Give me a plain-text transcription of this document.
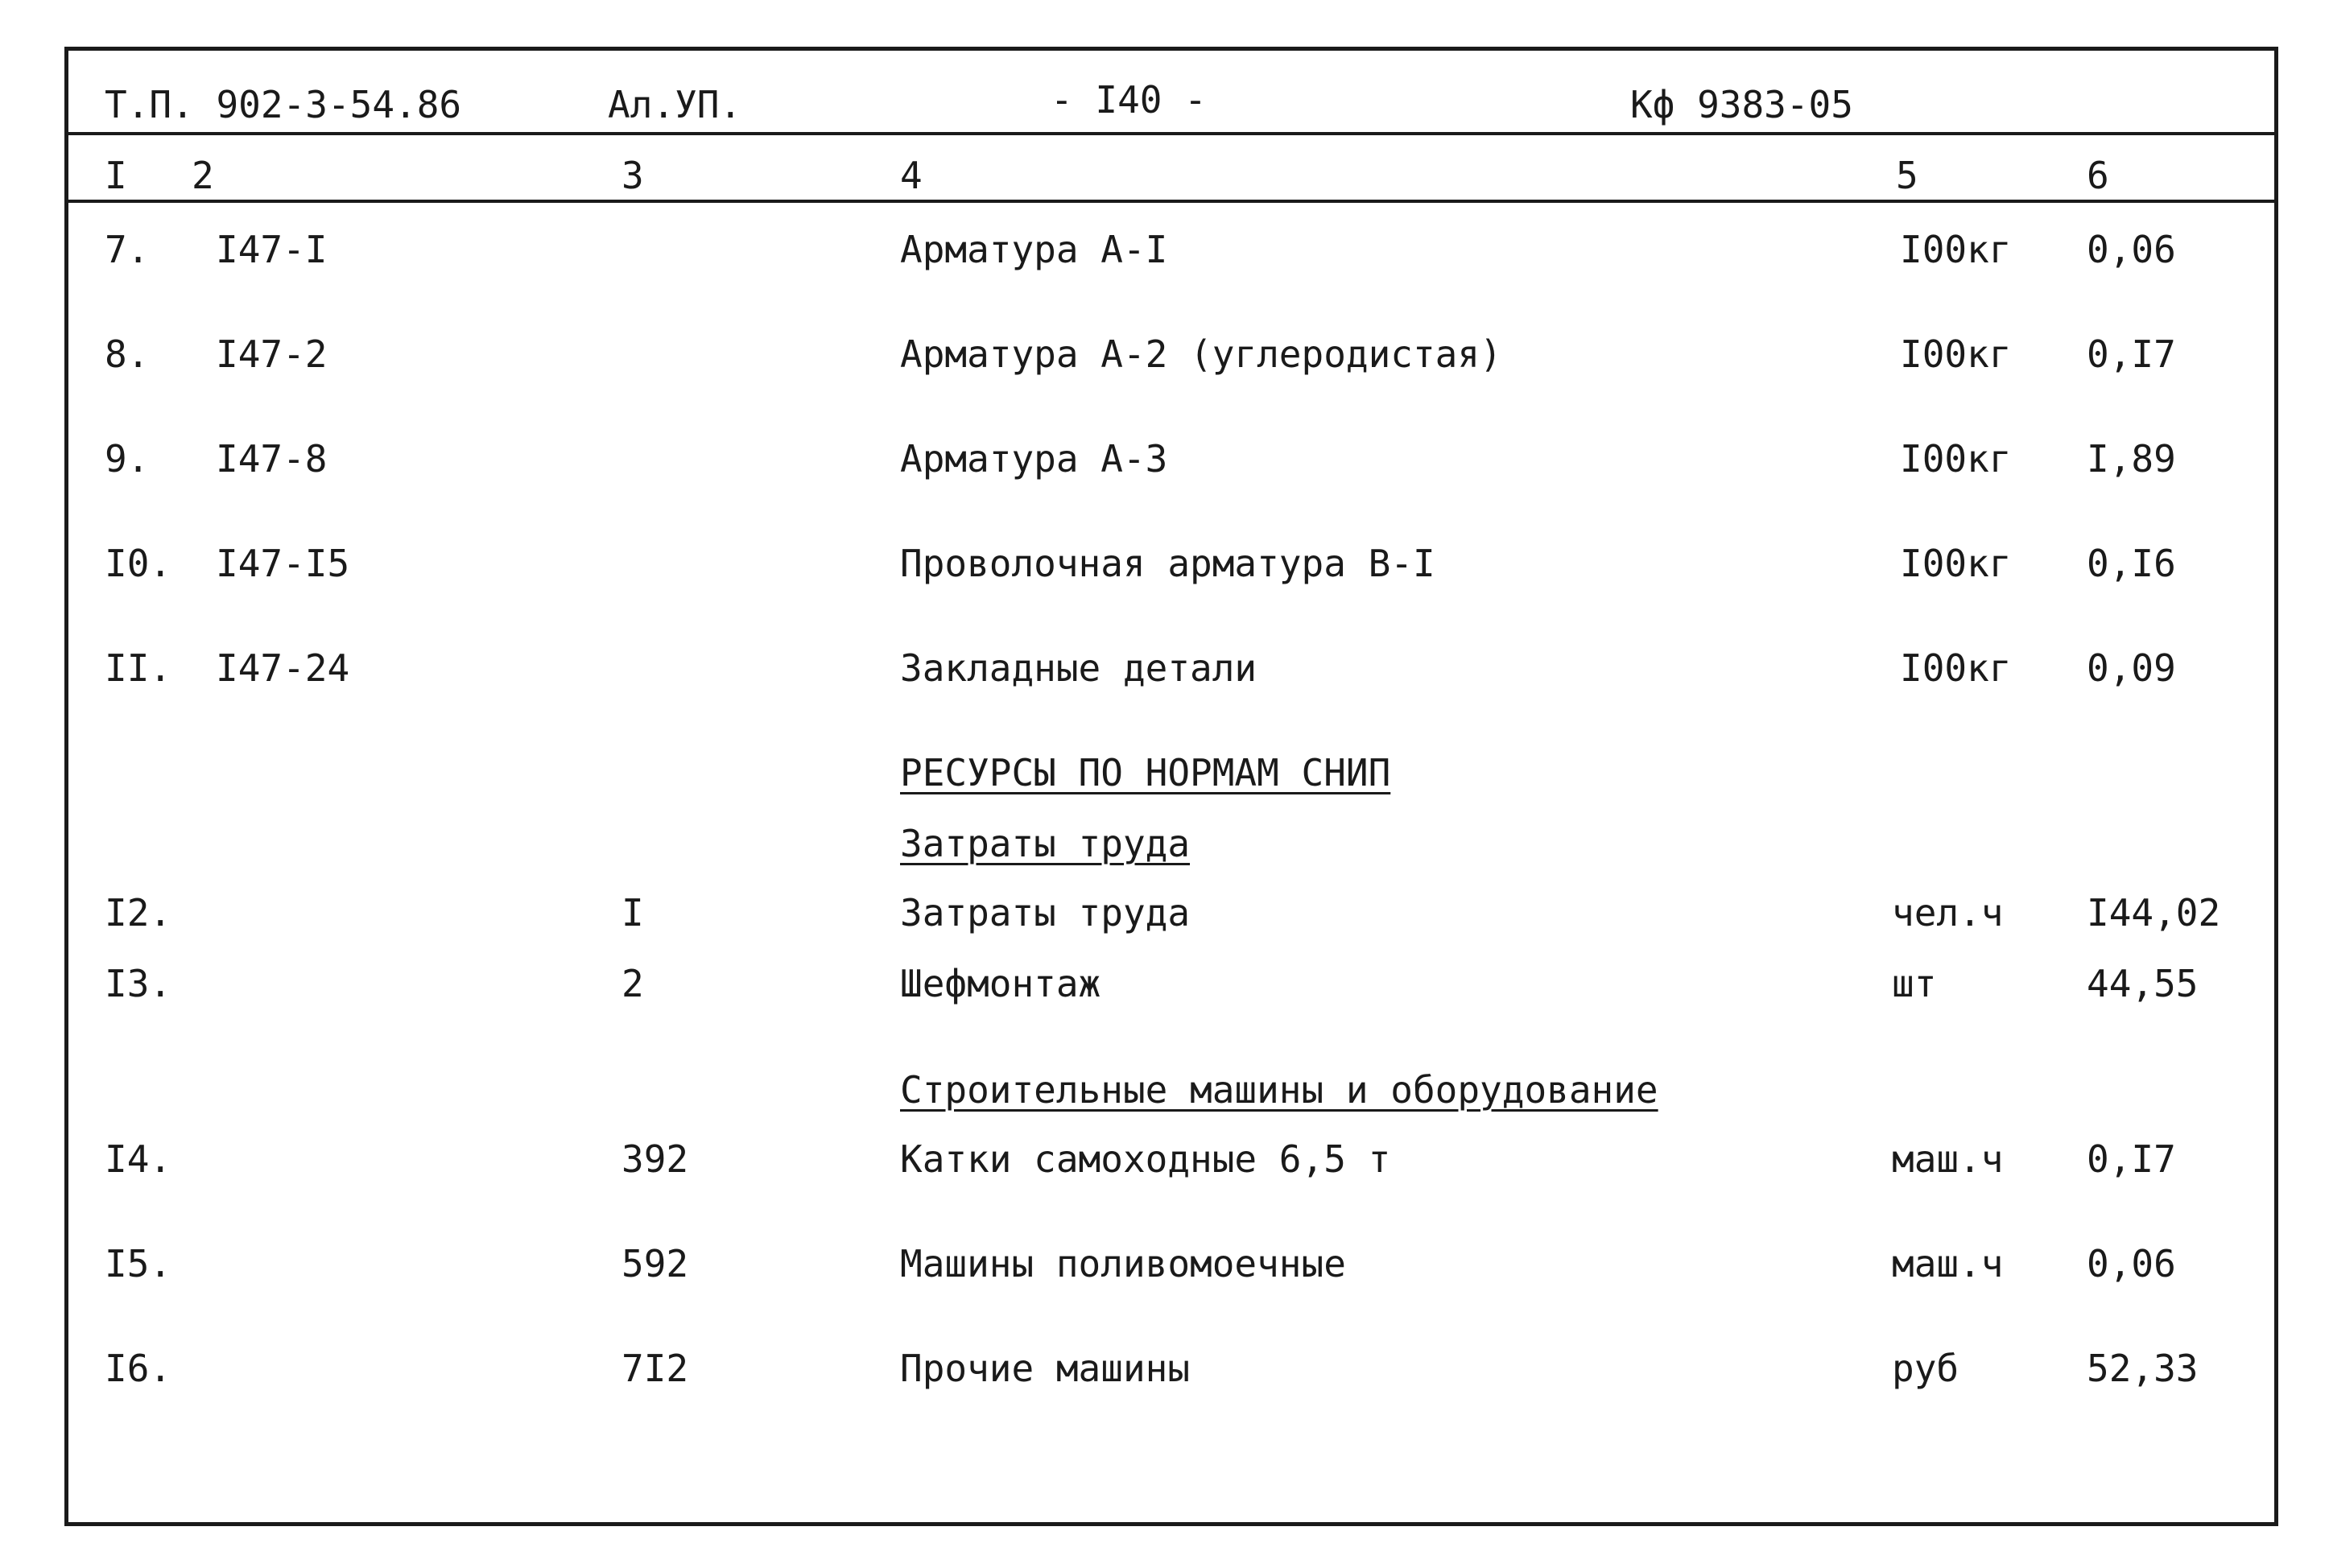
Т.П. 902-3-54.86	Ал.УП.	- I40 -	Кф 9383-05
I 2	3	4	5	6
7. I47-I	Арматура А-I	I00кг 0,06
8. I47-2	Арматура А-2 (углеродистая)	I00кг 0,I7
9. I47-8	Арматура А-3	I00кг I,89
I0. I47-I5	Проволочная арматура В-I	I00кг 0,I6
II. I47-24	Закладные детали	I00кг 0,09
РЕСУРСЫ ПО НОРМАМ СНИП
Затраты труда
I2.	I	Затраты труда	чел.ч I44,02
I3.	2	Шефмонтаж	шт	44,55
Строительные машины и оборудование
I4.	392	Катки самоходные 6,5 т	маш.ч 0,I7
I5.	592	Машины поливомоечные	маш.ч 0,06
I6.	7I2	Прочие машины	руб	52,33
